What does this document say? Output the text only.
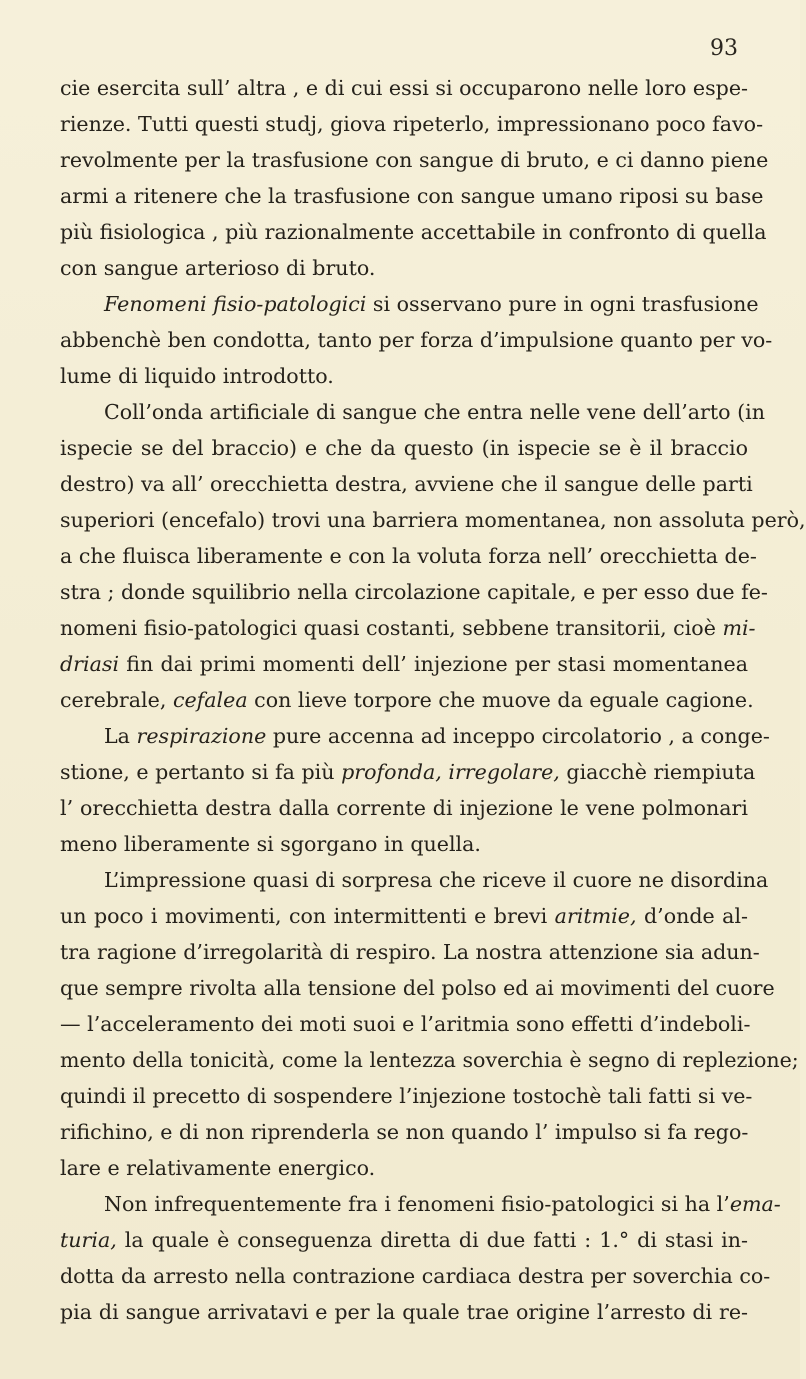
93
cie esercita sull’ altra , e di cui essi si occuparono nelle loro espe-
rienze. Tutti questi studj, giova ripeterlo, impressionano poco favo-
revolmente per la trasfusione con sangue di bruto, e ci danno piene
armi a ritenere che la trasfusione con sangue umano riposi su base
più fisiologica , più razionalmente accettabile in confronto di quella
con sangue arterioso di bruto.
Fenomeni fisio-patologici si osservano pure in ogni trasfusione
abbenchè ben condotta, tanto per forza d’impulsione quanto per vo-
lume di liquido introdotto.
Coll’onda artificiale di sangue che entra nelle vene dell’arto (in
ispecie se del braccio) e che da questo (in ispecie se è il braccio
destro) va all’ orecchietta destra, avviene che il sangue delle parti
superiori (encefalo) trovi una barriera momentanea, non assoluta però,
a che fluisca liberamente e con la voluta forza nell’ orecchietta de-
stra ; donde squilibrio nella circolazione capitale, e per esso due fe-
nomeni fisio-patologici quasi costanti, sebbene transitorii, cioè mi-
driasi fin dai primi momenti dell’ injezione per stasi momentanea
cerebrale, cefalea con lieve torpore che muove da eguale cagione.
La respirazione pure accenna ad inceppo circolatorio , a conge-
stione, e pertanto si fa più profonda, irregolare, giacchè riempiuta
l’ orecchietta destra dalla corrente di injezione le vene polmonari
meno liberamente si sgorgano in quella.
L’impressione quasi di sorpresa che riceve il cuore ne disordina
un poco i movimenti, con intermittenti e brevi aritmie, d’onde al-
tra ragione d’irregolarità di respiro. La nostra attenzione sia adun-
que sempre rivolta alla tensione del polso ed ai movimenti del cuore
— l’acceleramento dei moti suoi e l’aritmia sono effetti d’indeboli-
mento della tonicità, come la lentezza soverchia è segno di replezione;
quindi il precetto di sospendere l’injezione tostochè tali fatti si ve-
rifichino, e di non riprenderla se non quando l’ impulso si fa rego-
lare e relativamente energico.
Non infrequentemente fra i fenomeni fisio-patologici si ha l’ema-
turia, la quale è conseguenza diretta di due fatti : 1.° di stasi in-
dotta da arresto nella contrazione cardiaca destra per soverchia co-
pia di sangue arrivatavi e per la quale trae origine l’arresto di re-
